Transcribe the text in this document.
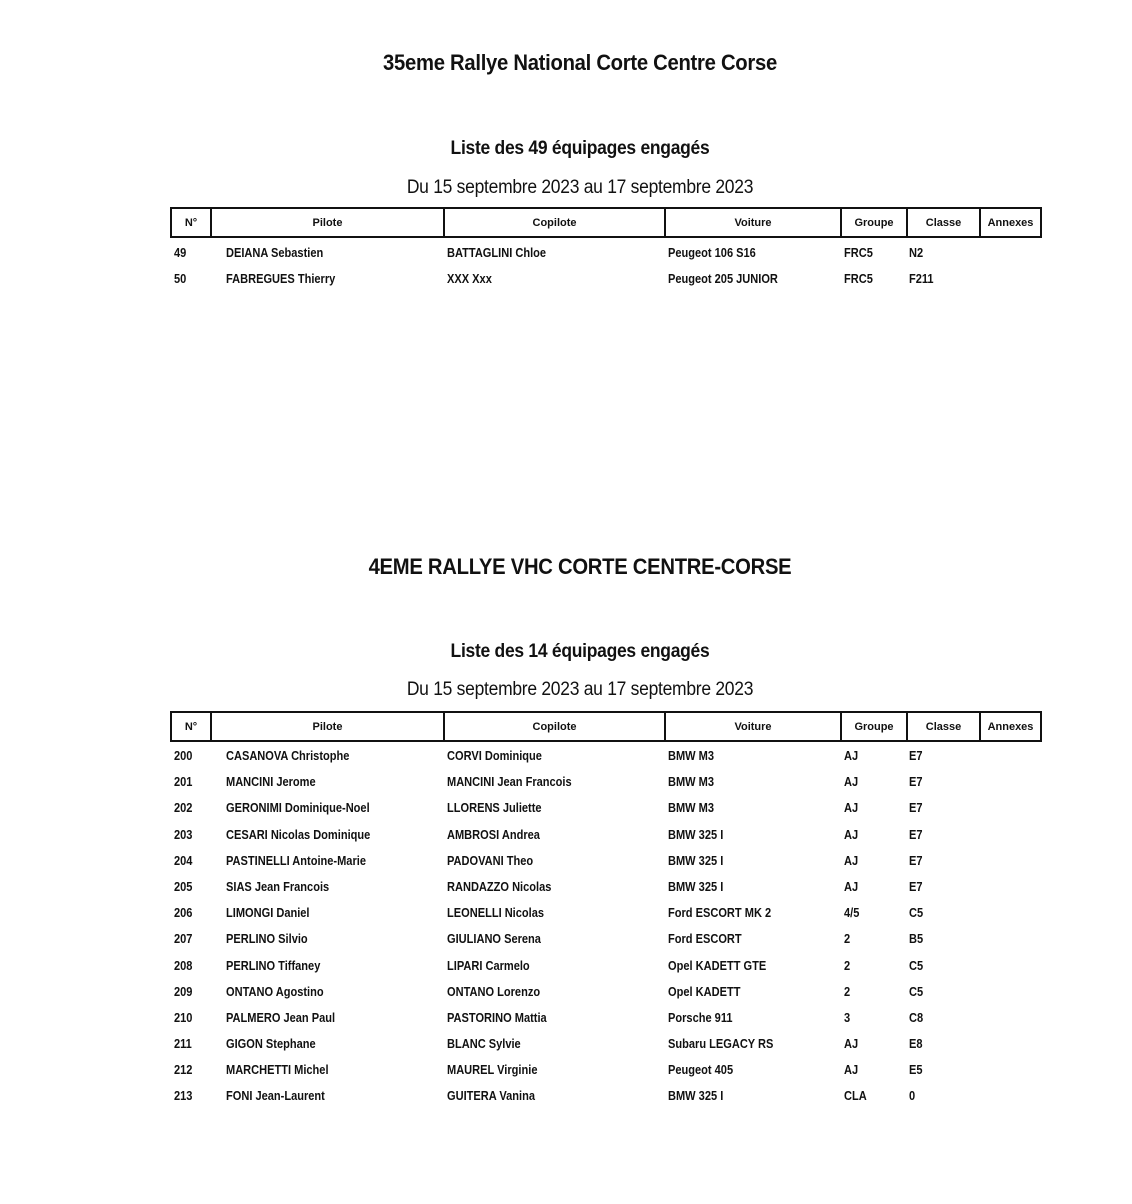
35eme Rallye National Corte Centre Corse
Liste des 49 équipages engagés
Du 15 septembre 2023 au 17 septembre 2023
N°	Pilote	Copilote	Voiture	Groupe	Classe	Annexes
49	DEIANA Sebastien	BATTAGLINI Chloe	Peugeot 106 S16	FRC5	N2
50	FABREGUES Thierry	XXX Xxx	Peugeot 205 JUNIOR	FRC5	F211
4EME RALLYE VHC CORTE CENTRE-CORSE
Liste des 14 équipages engagés
Du 15 septembre 2023 au 17 septembre 2023
N°	Pilote	Copilote	Voiture	Groupe	Classe	Annexes
200	CASANOVA Christophe	CORVI Dominique	BMW M3	AJ	E7
201	MANCINI Jerome	MANCINI Jean Francois	BMW M3	AJ	E7
202	GERONIMI Dominique-Noel	LLORENS Juliette	BMW M3	AJ	E7
203	CESARI Nicolas Dominique	AMBROSI Andrea	BMW 325 I	AJ	E7
204	PASTINELLI Antoine-Marie	PADOVANI Theo	BMW 325 I	AJ	E7
205	SIAS Jean Francois	RANDAZZO Nicolas	BMW 325 I	AJ	E7
206	LIMONGI Daniel	LEONELLI Nicolas	Ford ESCORT MK 2	4/5	C5
207	PERLINO Silvio	GIULIANO Serena	Ford ESCORT	2	B5
208	PERLINO Tiffaney	LIPARI Carmelo	Opel KADETT GTE	2	C5
209	ONTANO Agostino	ONTANO Lorenzo	Opel KADETT	2	C5
210	PALMERO Jean Paul	PASTORINO Mattia	Porsche 911	3	C8
211	GIGON Stephane	BLANC Sylvie	Subaru LEGACY RS	AJ	E8
212	MARCHETTI Michel	MAUREL Virginie	Peugeot 405	AJ	E5
213	FONI Jean-Laurent	GUITERA Vanina	BMW 325 I	CLA	0
